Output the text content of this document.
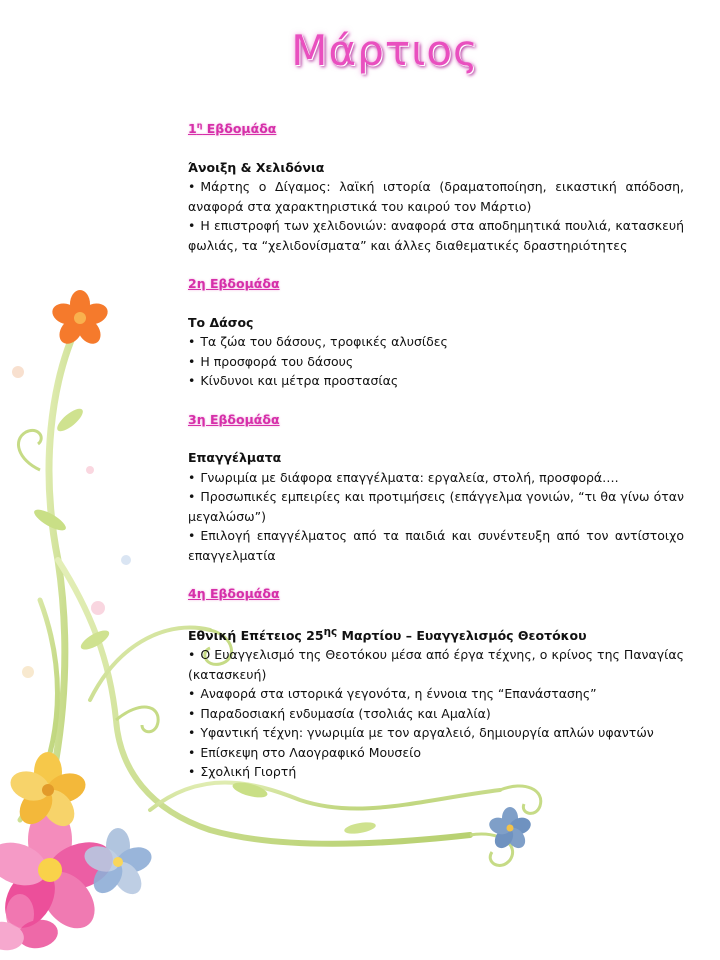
Μάρτιος
$1^\eta$ Εβδομάδα

Άνοιξη & Χελιδόνια

• Μάρτης ο Δίγαμος: λαϊκή ιστορία (δραματοποίηση, εικαστική απόδοση, αναφορά στα χαρακτηριστικά του καιρού τον Μάρτιο)
• Η επιστροφή των χελιδονιών: αναφορά στα αποδημητικά πουλιά, κατασκευή φωλιάς, τα “χελιδονίσματα” και άλλες διαθεματικές δραστηριότητες
2η Εβδομάδα

Το Δάσος

• Τα ζώα του δάσους, τροφικές αλυσίδες
• Η προσφορά του δάσους
• Κίνδυνοι και μέτρα προστασίας
3η Εβδομάδα

Επαγγέλματα

• Γνωριμία με διάφορα επαγγέλματα: εργαλεία, στολή, προσφορά….
• Προσωπικές εμπειρίες και προτιμήσεις (επάγγελμα γονιών, “τι θα γίνω όταν μεγαλώσω”)
• Επιλογή επαγγέλματος από τα παιδιά και συνέντευξη από τον αντίστοιχο επαγγελματία
4η Εβδομάδα

Εθνική Επέτειος $25^{\eta\varsigma}$ Μαρτίου – Ευαγγελισμός Θεοτόκου

• Ο Ευαγγελισμό της Θεοτόκου μέσα από έργα τέχνης, ο κρίνος της Παναγίας (κατασκευή)
• Αναφορά στα ιστορικά γεγονότα, η έννοια της “Επανάστασης”
• Παραδοσιακή ενδυμασία (τσολιάς και Αμαλία)
• Υφαντική τέχνη: γνωριμία με τον αργαλειό, δημιουργία απλών υφαντών
• Επίσκεψη στο Λαογραφικό Μουσείο
• Σχολική Γιορτή
